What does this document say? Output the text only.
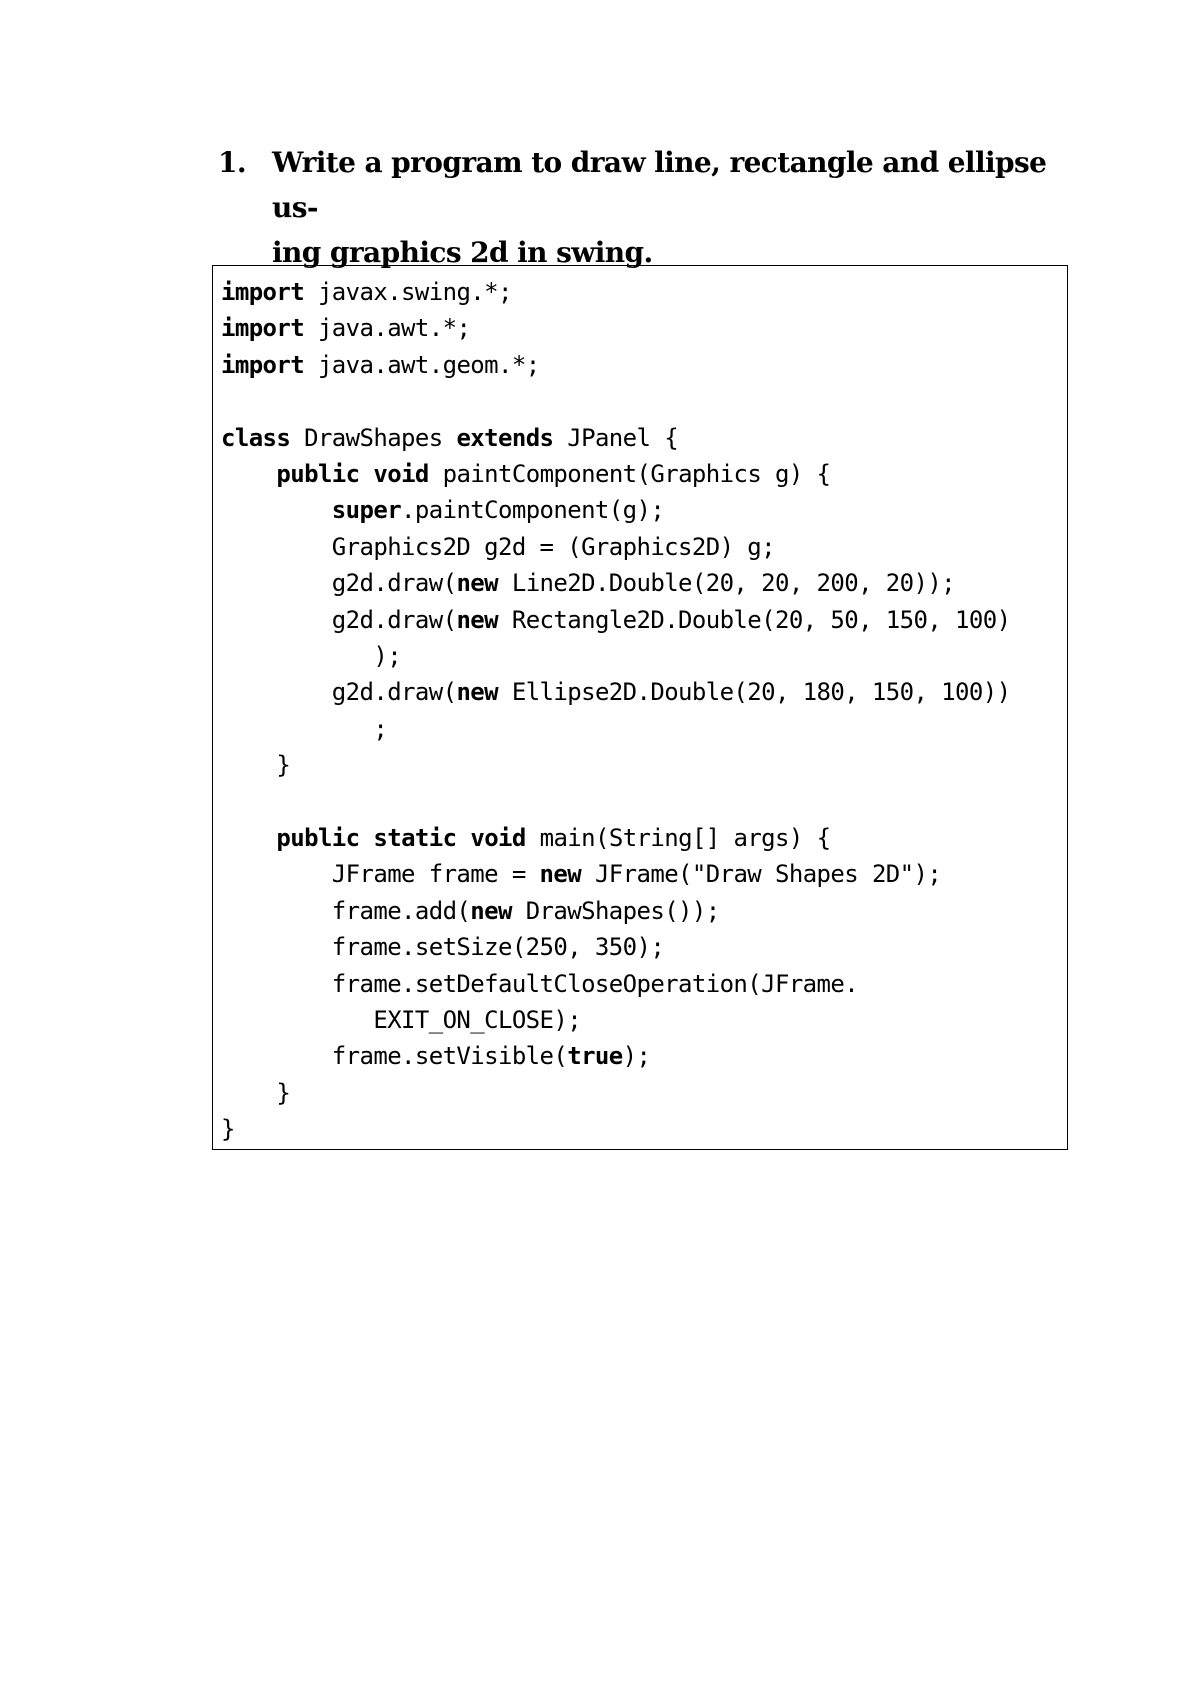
1. Write a program to draw line, rectangle and ellipse us-
ing graphics 2d in swing.
import javax.swing.*;
import java.awt.*;
import java.awt.geom.*;
class DrawShapes extends JPanel {
public void paintComponent(Graphics g) {
super.paintComponent(g);
Graphics2D g2d = (Graphics2D) g;
g2d.draw(new Line2D.Double(20, 20, 200, 20));
g2d.draw(new Rectangle2D.Double(20, 50, 150, 100)
);
g2d.draw(new Ellipse2D.Double(20, 180, 150, 100))
;
}
public static void main(String[] args) {
JFrame frame = new JFrame("Draw Shapes 2D");
frame.add(new DrawShapes());
frame.setSize(250, 350);
frame.setDefaultCloseOperation(JFrame.
EXIT_ON_CLOSE);
frame.setVisible(true);
}
}
